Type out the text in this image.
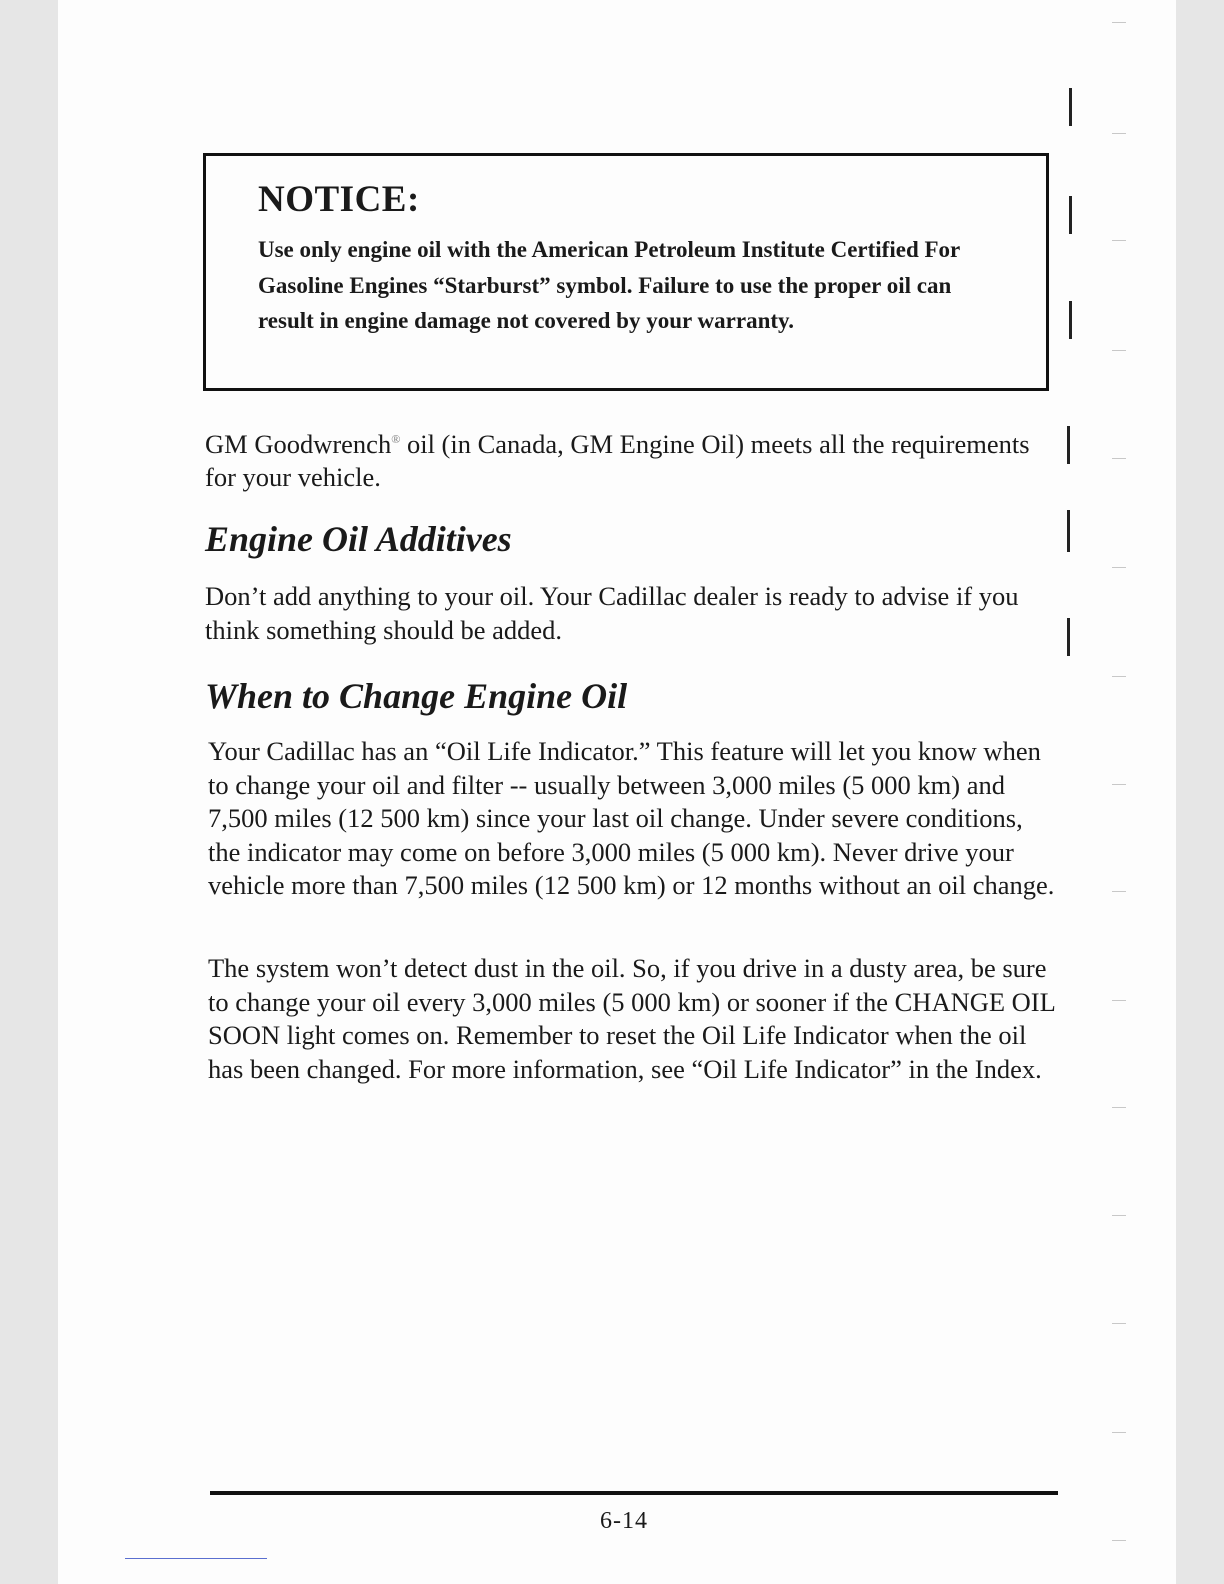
NOTICE:

Use only engine oil with the American Petroleum Institute Certified For Gasoline Engines “Starburst” symbol. Failure to use the proper oil can result in engine damage not covered by your warranty.

GM Goodwrench® oil (in Canada, GM Engine Oil) meets all the requirements for your vehicle.

Engine Oil Additives

Don’t add anything to your oil. Your Cadillac dealer is ready to advise if you think something should be added.

When to Change Engine Oil

Your Cadillac has an “Oil Life Indicator.” This feature will let you know when to change your oil and filter -- usually between 3,000 miles (5 000 km) and 7,500 miles (12 500 km) since your last oil change. Under severe conditions, the indicator may come on before 3,000 miles (5 000 km). Never drive your vehicle more than 7,500 miles (12 500 km) or 12 months without an oil change.

The system won’t detect dust in the oil. So, if you drive in a dusty area, be sure to change your oil every 3,000 miles (5 000 km) or sooner if the CHANGE OIL SOON light comes on. Remember to reset the Oil Life Indicator when the oil has been changed. For more information, see “Oil Life Indicator” in the Index.

6-14
